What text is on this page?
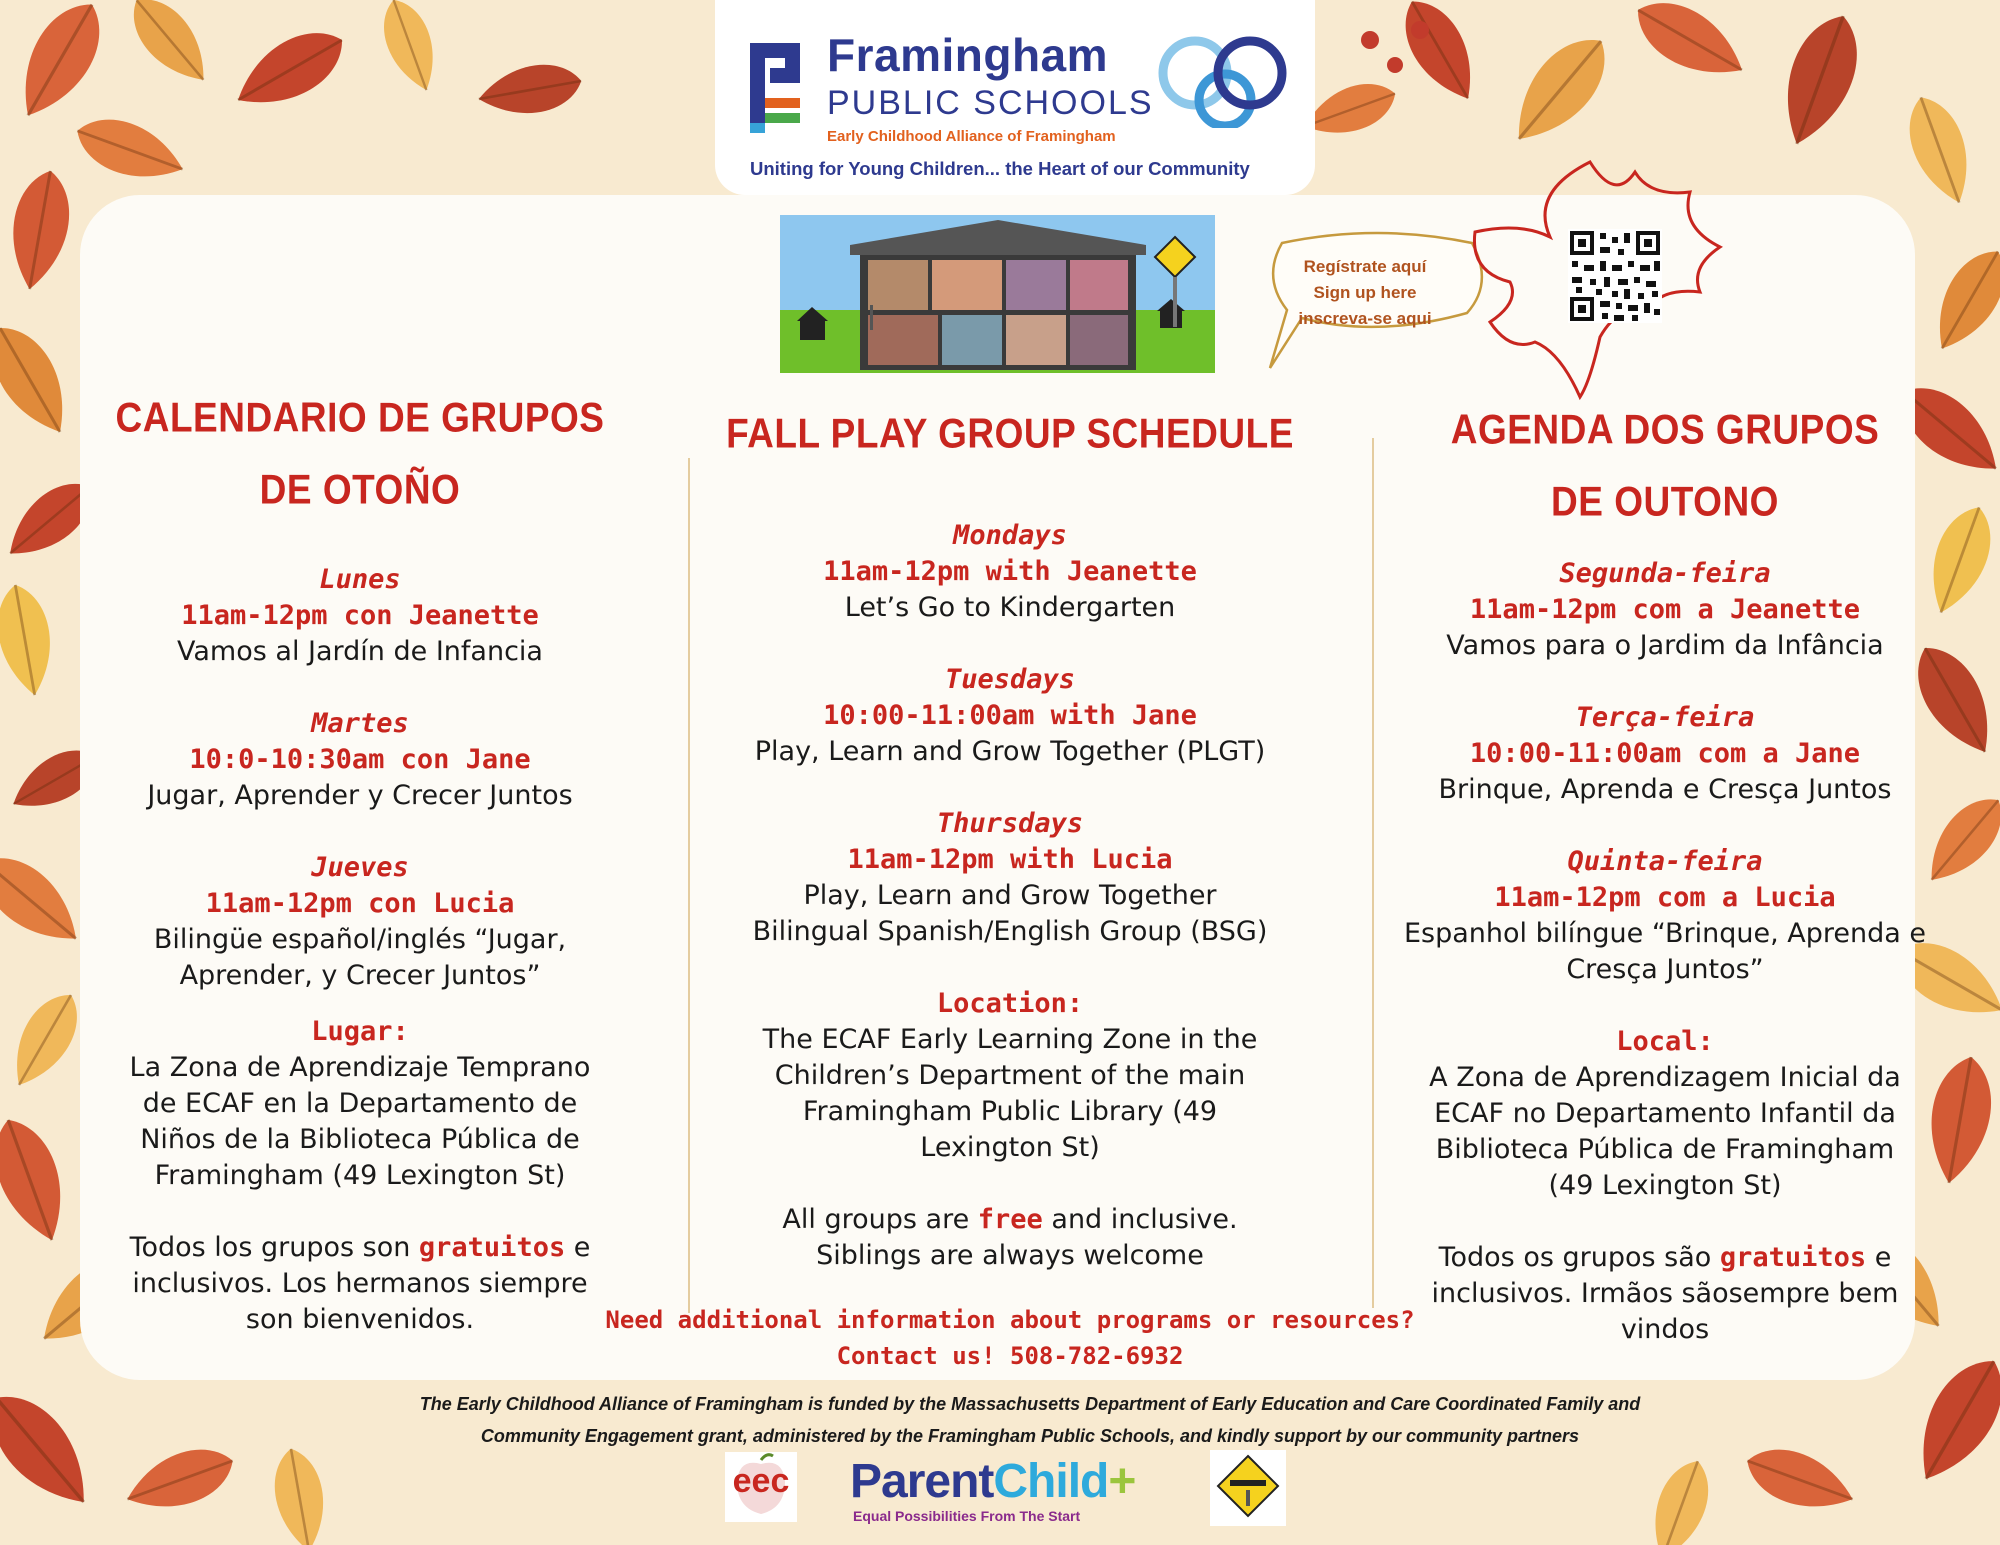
Framingham
PUBLIC SCHOOLS
Early Childhood Alliance of Framingham
Uniting for Young Children... the Heart of our Community
Regístrate aquí
Sign up here
inscreva-se aqui
CALENDARIO DE GRUPOS
DE OTOÑO
Lunes
11am-12pm con Jeanette
Vamos al Jardín de Infancia
Martes
10:0-10:30am con Jane
Jugar, Aprender y Crecer Juntos
Jueves
11am-12pm con Lucia
Bilingüe español/inglés “Jugar,
Aprender, y Crecer Juntos”
Lugar:
La Zona de Aprendizaje Temprano
de ECAF en la Departamento de
Niños de la Biblioteca Pública de
Framingham (49 Lexington St)
Todos los grupos son gratuitos e
inclusivos. Los hermanos siempre
son bienvenidos.
FALL PLAY GROUP SCHEDULE
Mondays
11am-12pm with Jeanette
Let’s Go to Kindergarten
Tuesdays
10:00-11:00am with Jane
Play, Learn and Grow Together (PLGT)
Thursdays
11am-12pm with Lucia
Play, Learn and Grow Together
Bilingual Spanish/English Group (BSG)
Location:
The ECAF Early Learning Zone in the
Children’s Department of the main
Framingham Public Library (49
Lexington St)
All groups are free and inclusive.
Siblings are always welcome
AGENDA DOS GRUPOS
DE OUTONO
Segunda-feira
11am-12pm com a Jeanette
Vamos para o Jardim da Infância
Terça-feira
10:00-11:00am com a Jane
Brinque, Aprenda e Cresça Juntos
Quinta-feira
11am-12pm com a Lucia
Espanhol bilíngue “Brinque, Aprenda e
Cresça Juntos”
Local:
A Zona de Aprendizagem Inicial da
ECAF no Departamento Infantil da
Biblioteca Pública de Framingham
(49 Lexington St)
Todos os grupos são gratuitos e
inclusivos. Irmãos sãosempre bem
vindos
Need additional information about programs or resources?
Contact us! 508-782-6932
The Early Childhood Alliance of Framingham is funded by the Massachusetts Department of Early Education and Care Coordinated Family and
Community Engagement grant, administered by the Framingham Public Schools, and kindly support by our community partners
eec ParentChild+
Equal Possibilities From The Start
